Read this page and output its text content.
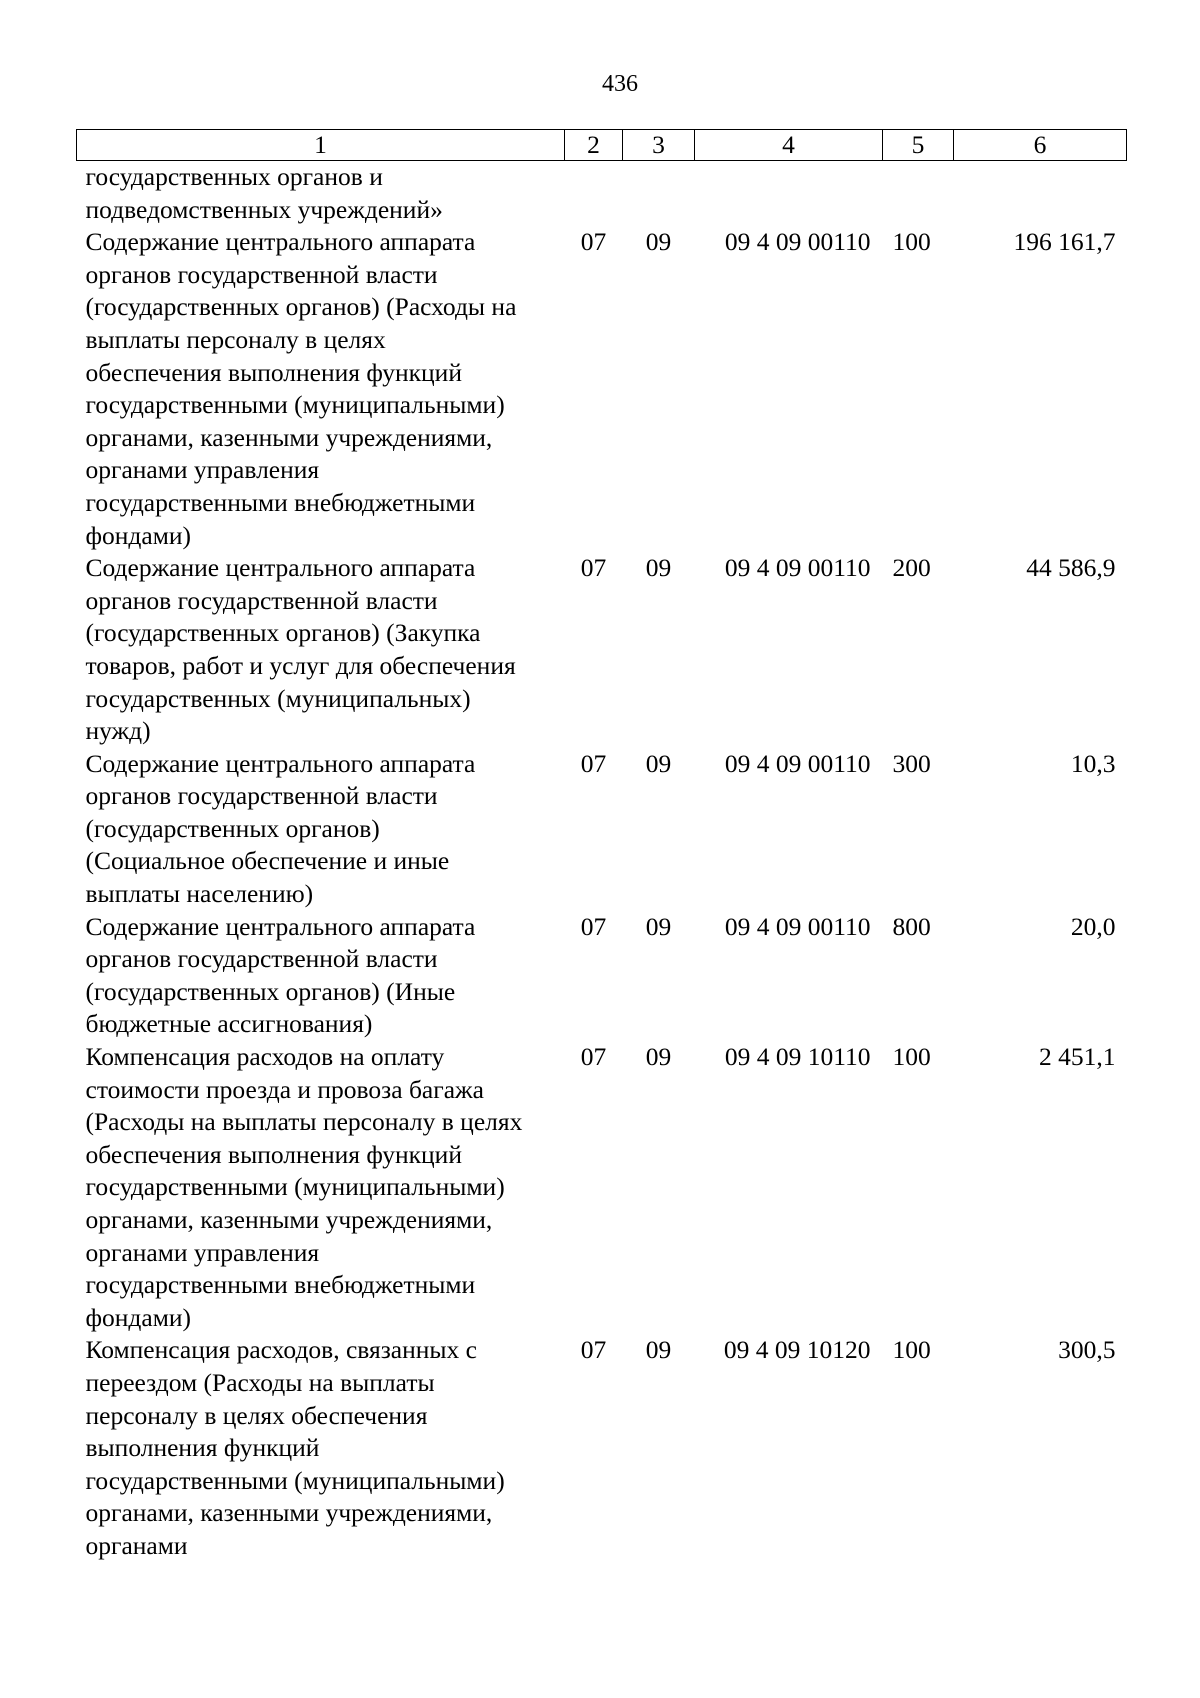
436
1	2	3	4	5	6

государственных органов и подведомственных учреждений»					

Содержание центрального аппарата органов государственной власти (государственных органов) (Расходы на выплаты персоналу в целях обеспечения выполнения функций государственными (муниципальными) органами, казенными учреждениями, органами управления государственными внебюджетными фондами)	07	09	09 4 09 00110	100	196 161,7

Содержание центрального аппарата органов государственной власти (государственных органов) (Закупка товаров, работ и услуг для обеспечения государственных (муниципальных) нужд)	07	09	09 4 09 00110	200	44 586,9

Содержание центрального аппарата органов государственной власти (государственных органов) (Социальное обеспечение и иные выплаты населению)	07	09	09 4 09 00110	300	10,3

Содержание центрального аппарата органов государственной власти (государственных органов) (Иные бюджетные ассигнования)	07	09	09 4 09 00110	800	20,0

Компенсация расходов на оплату стоимости проезда и провоза багажа (Расходы на выплаты персоналу в целях обеспечения выполнения функций государственными (муниципальными) органами, казенными учреждениями, органами управления государственными внебюджетными фондами)	07	09	09 4 09 10110	100	2 451,1

Компенсация расходов, связанных с переездом (Расходы на выплаты персоналу в целях обеспечения выполнения функций государственными (муниципальными) органами, казенными учреждениями, органами	07	09	09 4 09 10120	100	300,5
